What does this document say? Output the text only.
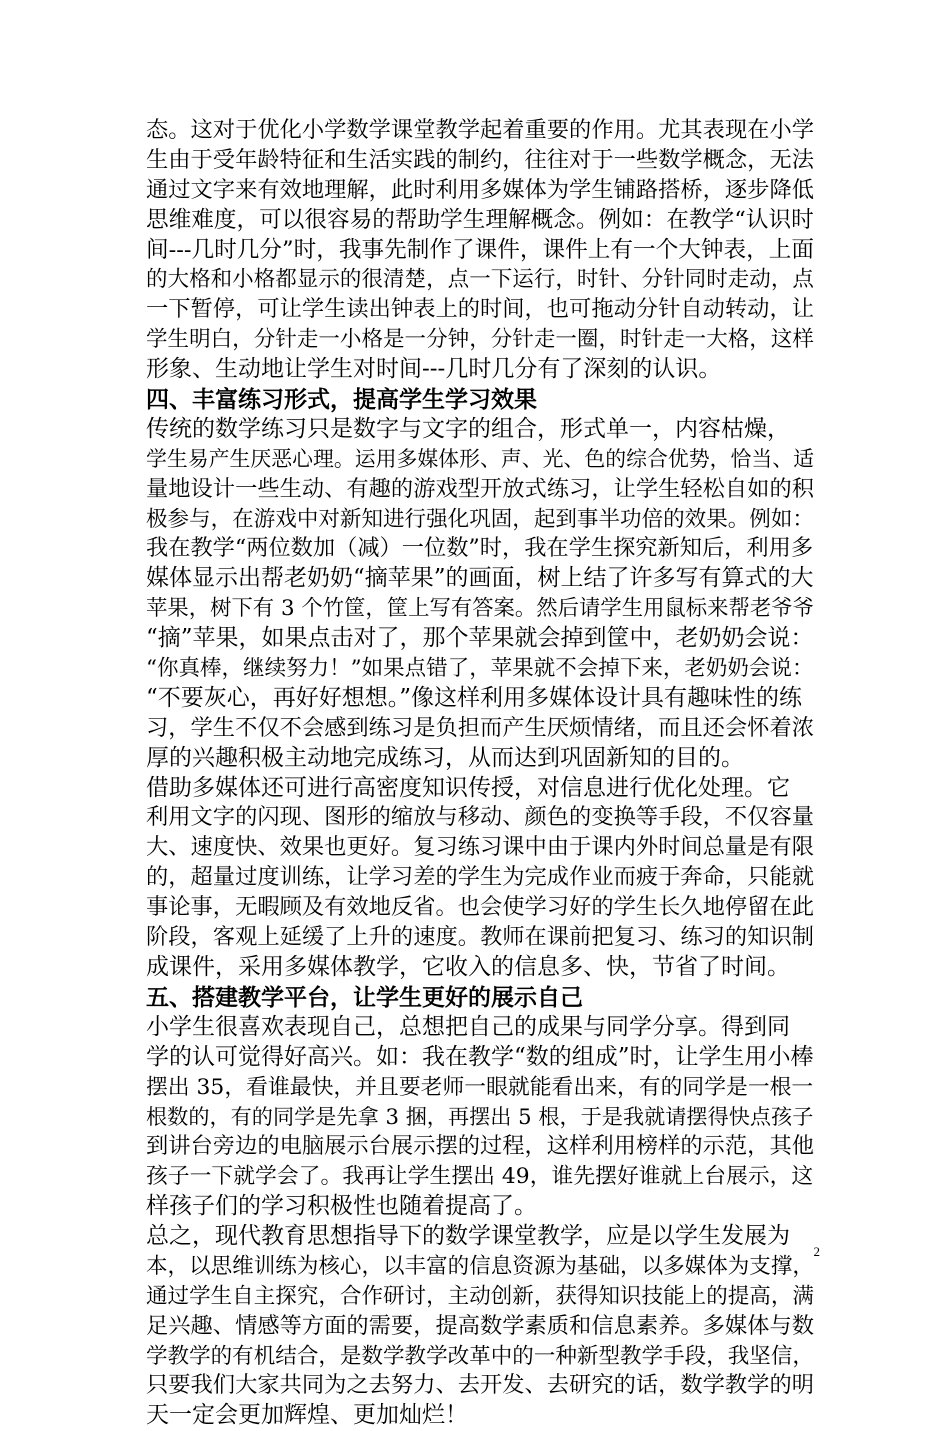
态。这对于优化小学数学课堂教学起着重要的作用。尤其表现在小学
生由于受年龄特征和生活实践的制约，往往对于一些数学概念，无法
通过文字来有效地理解，此时利用多媒体为学生铺路搭桥，逐步降低
思维难度，可以很容易的帮助学生理解概念。例如：在教学“认识时
间---几时几分”时，我事先制作了课件，课件上有一个大钟表，上面
的大格和小格都显示的很清楚，点一下运行，时针、分针同时走动，点
一下暂停，可让学生读出钟表上的时间，也可拖动分针自动转动，让
学生明白，分针走一小格是一分钟，分针走一圈，时针走一大格，这样
形象、生动地让学生对时间---几时几分有了深刻的认识。
四、丰富练习形式，提高学生学习效果
传统的数学练习只是数字与文字的组合，形式单一，内容枯燥，
学生易产生厌恶心理。运用多媒体形、声、光、色的综合优势，恰当、适
量地设计一些生动、有趣的游戏型开放式练习，让学生轻松自如的积
极参与，在游戏中对新知进行强化巩固，起到事半功倍的效果。例如：
我在教学“两位数加（减）一位数”时，我在学生探究新知后，利用多
媒体显示出帮老奶奶“摘苹果”的画面，树上结了许多写有算式的大
苹果，树下有 3 个竹筐，筐上写有答案。然后请学生用鼠标来帮老爷爷
“摘”苹果，如果点击对了，那个苹果就会掉到筐中，老奶奶会说：
“你真棒，继续努力！”如果点错了，苹果就不会掉下来，老奶奶会说：
“不要灰心，再好好想想。”像这样利用多媒体设计具有趣味性的练
习，学生不仅不会感到练习是负担而产生厌烦情绪，而且还会怀着浓
厚的兴趣积极主动地完成练习，从而达到巩固新知的目的。
借助多媒体还可进行高密度知识传授，对信息进行优化处理。它
利用文字的闪现、图形的缩放与移动、颜色的变换等手段，不仅容量
大、速度快、效果也更好。复习练习课中由于课内外时间总量是有限
的，超量过度训练，让学习差的学生为完成作业而疲于奔命，只能就
事论事，无暇顾及有效地反省。也会使学习好的学生长久地停留在此
阶段，客观上延缓了上升的速度。教师在课前把复习、练习的知识制
成课件，采用多媒体教学，它收入的信息多、快，节省了时间。
五、搭建教学平台，让学生更好的展示自己
小学生很喜欢表现自己，总想把自己的成果与同学分享。得到同
学的认可觉得好高兴。如：我在教学“数的组成”时，让学生用小棒
摆出 35，看谁最快，并且要老师一眼就能看出来，有的同学是一根一
根数的，有的同学是先拿 3 捆，再摆出 5 根，于是我就请摆得快点孩子
到讲台旁边的电脑展示台展示摆的过程，这样利用榜样的示范，其他
孩子一下就学会了。我再让学生摆出 49，谁先摆好谁就上台展示，这
样孩子们的学习积极性也随着提高了。
总之，现代教育思想指导下的数学课堂教学，应是以学生发展为
本，以思维训练为核心，以丰富的信息资源为基础，以多媒体为支撑，
通过学生自主探究，合作研讨，主动创新，获得知识技能上的提高，满
足兴趣、情感等方面的需要，提高数学素质和信息素养。多媒体与数
学教学的有机结合，是数学教学改革中的一种新型教学手段，我坚信，
只要我们大家共同为之去努力、去开发、去研究的话，数学教学的明
天一定会更加辉煌、更加灿烂！
2
